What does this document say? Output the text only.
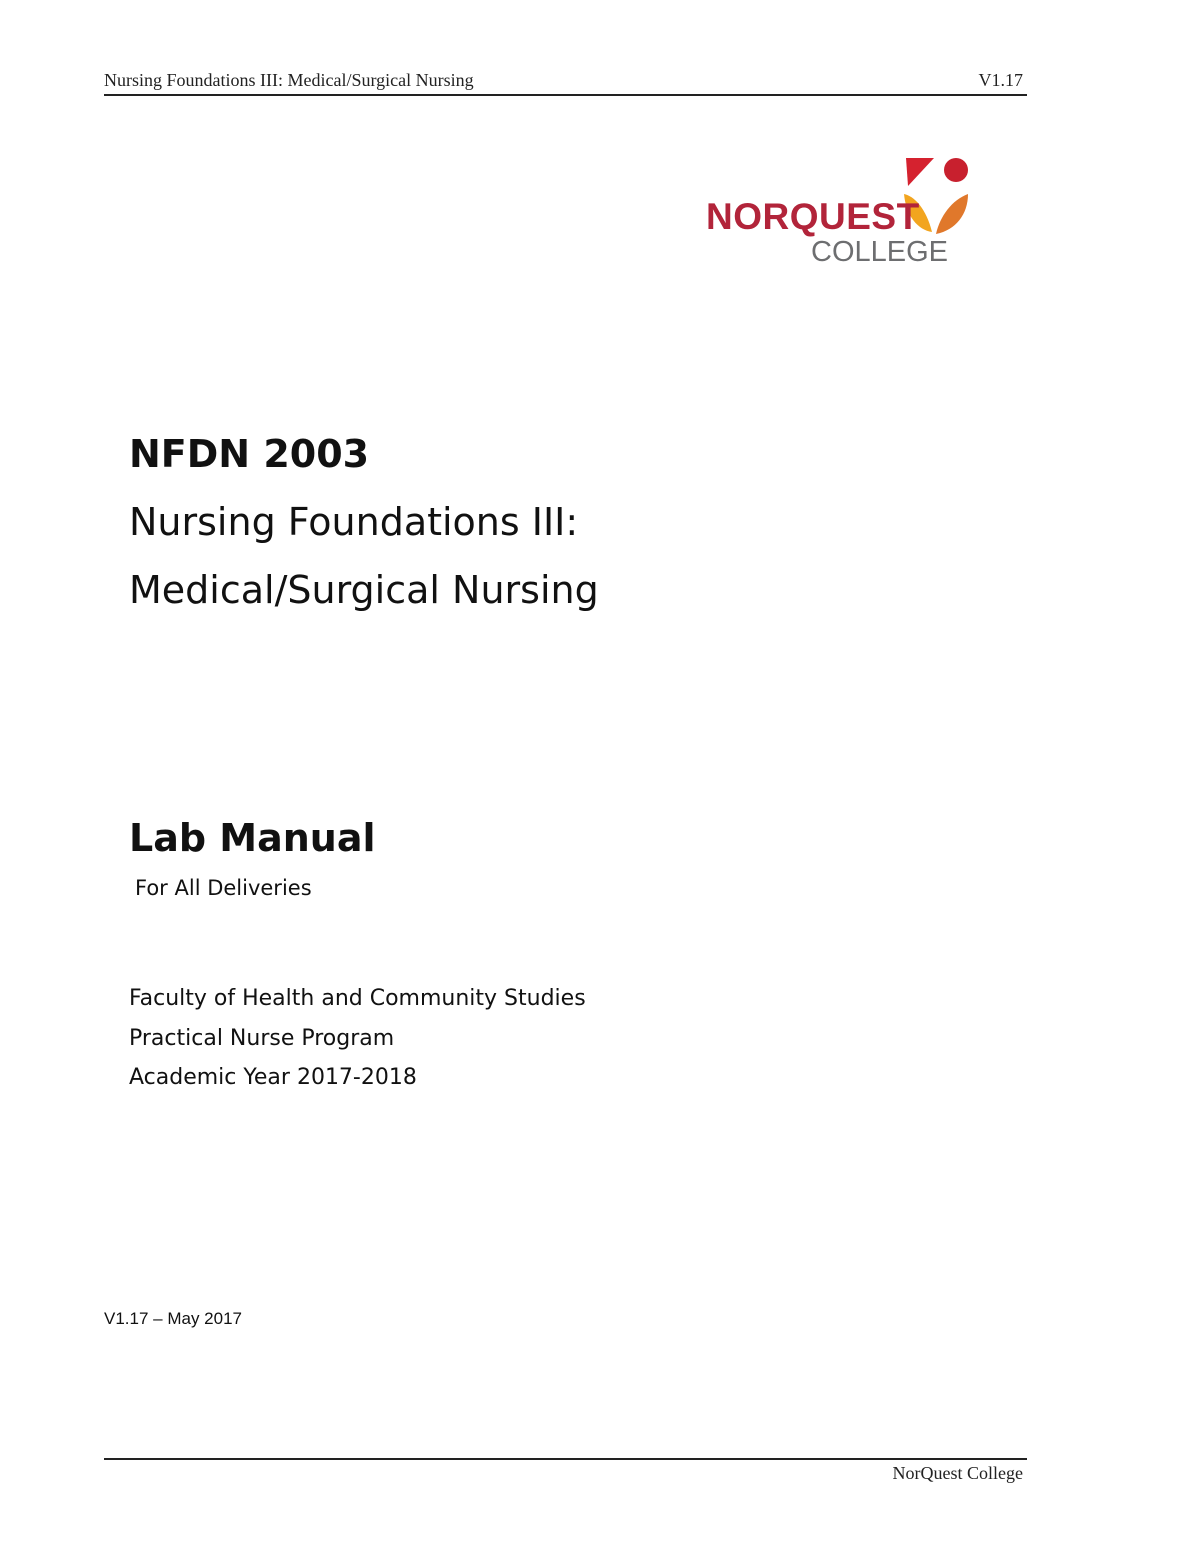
Nursing Foundations III: Medical/Surgical Nursing	V1.17
NORQUEST
COLLEGE
NFDN 2003
Nursing Foundations III:
Medical/Surgical Nursing
Lab Manual
For All Deliveries
Faculty of Health and Community Studies
Practical Nurse Program
Academic Year 2017-2018
V1.17 – May 2017
NorQuest College
